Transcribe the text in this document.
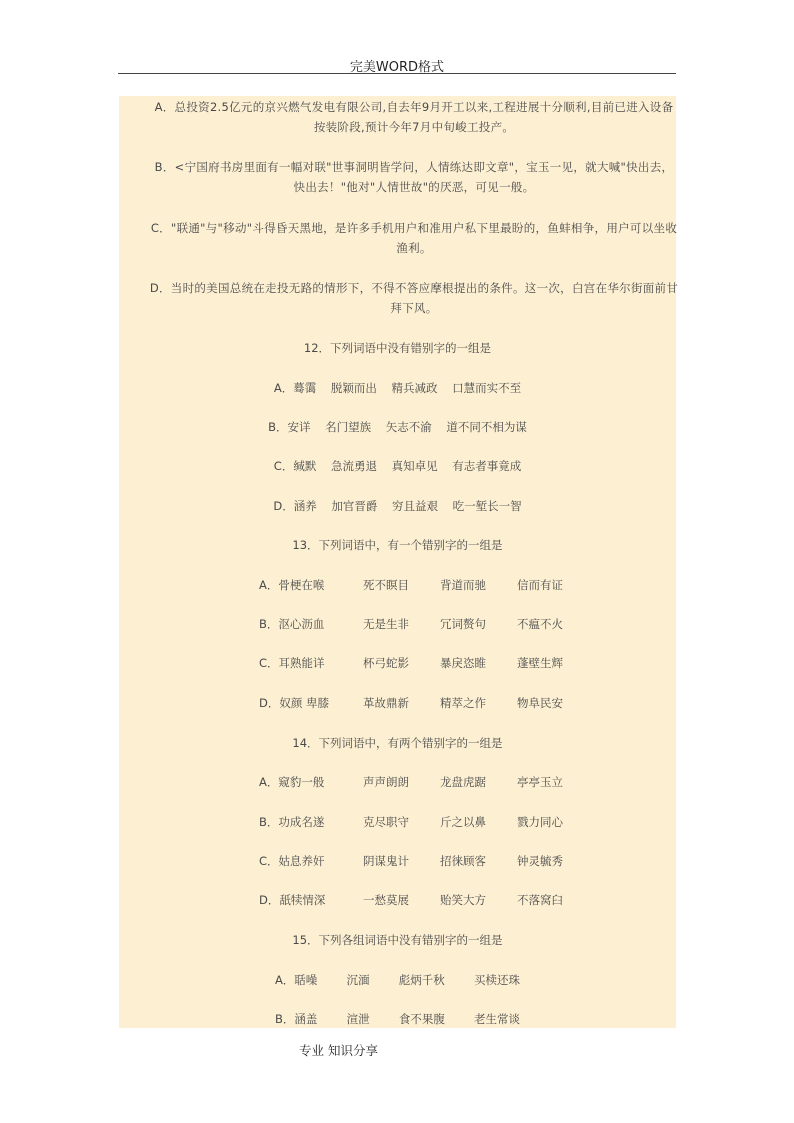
完美WORD格式
A．总投资2.5亿元的京兴燃气发电有限公司,自去年9月开工以来,工程进展十分顺利,目前已进入设备按装阶段,预计今年7月中旬峻工投产。
B．<宁国府书房里面有一幅对联"世事洞明皆学问，人情练达即文章"，宝玉一见，就大喊"快出去，快出去！"他对"人情世故"的厌恶，可见一般。
C．"联通"与"移动"斗得昏天黑地，是许多手机用户和准用户私下里最盼的，鱼蚌相争，用户可以坐收渔利。
D．当时的美国总统在走投无路的情形下，不得不答应摩根提出的条件。这一次，白宫在华尔街面前甘拜下风。
12．下列词语中没有错别字的一组是
A．蓦霭    脱颖而出    精兵减政    口慧而实不至
B．安详    名门望族    矢志不渝    道不同不相为谋
C．缄默    急流勇退    真知卓见    有志者事竟成
D．涵养    加官晋爵    穷且益艰    吃一堑长一智
13．下列词语中，有一个错别字的一组是
A．骨梗在喉	死不瞑目	背道而驰	信而有证
B．沤心沥血	无是生非	冗词赘句	不瘟不火
C．耳熟能详	杯弓蛇影	暴戾恣睢	蓬壁生辉
D．奴颜 卑膝	革故鼎新	精萃之作	物阜民安
14．下列词语中，有两个错别字的一组是
A．窥豹一般	声声朗朗	龙盘虎踞	亭亭玉立
B．功成名遂	克尽职守	斤之以鼻	戮力同心
C．姑息养奸	阴谋鬼计	招徕顾客	钟灵毓秀
D．舐犊情深	一愁莫展	贻笑大方	不落窝臼
15．下列各组词语中没有错别字的一组是
A．聒噪        沉湎        彪炳千秋        买椟还珠
B．涵盖        渲泄        食不果腹        老生常谈
专业 知识分享
